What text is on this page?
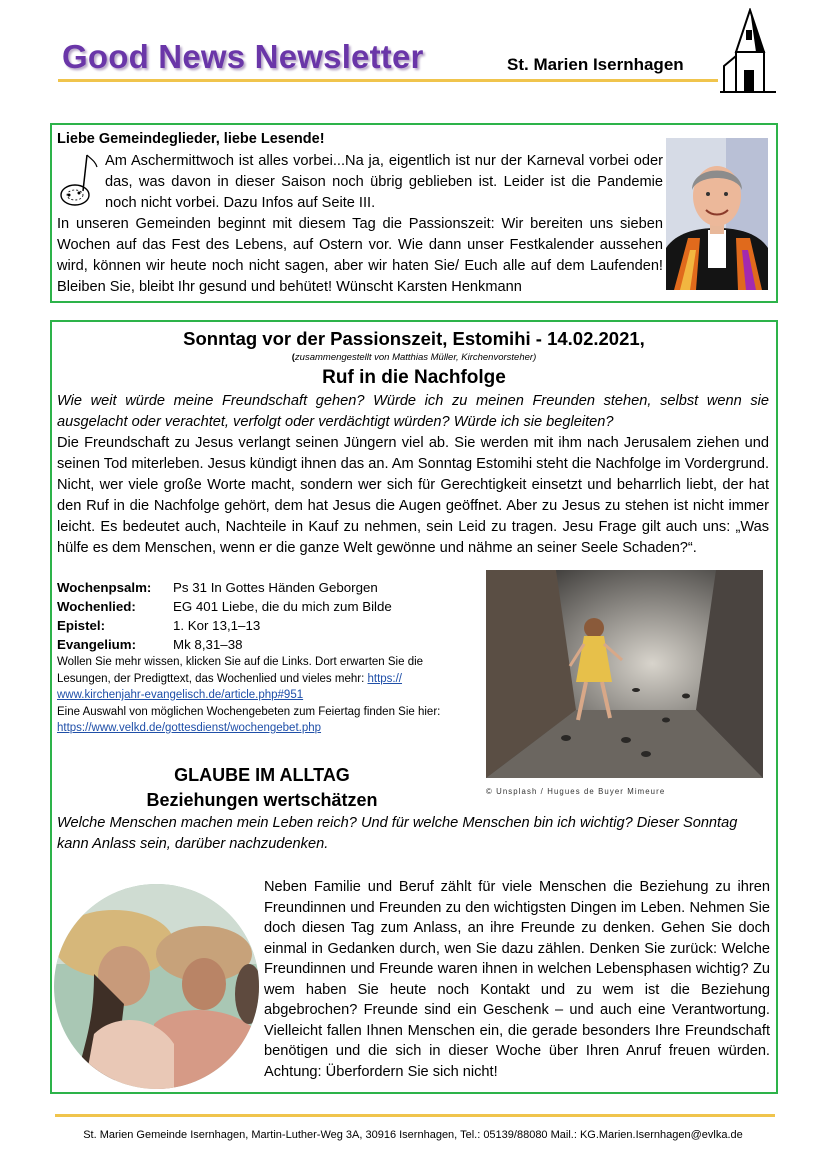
Good News Newsletter	St. Marien Isernhagen
Liebe Gemeindeglieder, liebe Lesende!

Am Aschermittwoch ist alles vorbei...Na ja, eigentlich ist nur der Karneval vorbei oder das, was davon in dieser Saison noch übrig geblieben ist. Leider ist die Pandemie noch nicht vorbei. Dazu Infos auf Seite III.

In unseren Gemeinden beginnt mit diesem Tag die Passionszeit: Wir bereiten uns sieben Wochen auf das Fest des Lebens, auf Ostern vor. Wie dann unser Festkalender aussehen wird, können wir heute noch nicht sagen, aber wir haten Sie/ Euch alle auf dem Laufenden! Bleiben Sie, bleibt Ihr gesund und behütet! Wünscht Karsten Henkmann

Sonntag vor der Passionszeit, Estomihi - 14.02.2021,
(zusammengestellt von Matthias Müller, Kirchenvorsteher)
Ruf in die Nachfolge

Wie weit würde meine Freundschaft gehen? Würde ich zu meinen Freunden stehen, selbst wenn sie ausgelacht oder verachtet, verfolgt oder verdächtigt würden? Würde ich sie begleiten?

Die Freundschaft zu Jesus verlangt seinen Jüngern viel ab. Sie werden mit ihm nach Jerusalem ziehen und seinen Tod miterleben. Jesus kündigt ihnen das an. Am Sonntag Estomihi steht die Nachfolge im Vordergrund. Nicht, wer viele große Worte macht, sondern wer sich für Gerechtigkeit einsetzt und beharrlich liebt, der hat den Ruf in die Nachfolge gehört, dem hat Jesus die Augen geöffnet. Aber zu Jesus zu stehen ist nicht immer leicht. Es bedeutet auch, Nachteile in Kauf zu nehmen, sein Leid zu tragen. Jesu Frage gilt auch uns: „Was hülfe es dem Menschen, wenn er die ganze Welt gewönne und nähme an seiner Seele Schaden?“.

Wochenpsalm:	Ps 31 In Gottes Händen Geborgen
Wochenlied:	EG 401 Liebe, die du mich zum Bilde
Epistel:	1. Kor 13,1–13
Evangelium:	Mk 8,31–38
Wollen Sie mehr wissen, klicken Sie auf die Links. Dort erwarten Sie die Lesungen, der Predigttext, das Wochenlied und vieles mehr: https://
www.kirchenjahr-evangelisch.de/article.php#951
Eine Auswahl von möglichen Wochengebeten zum Feiertag finden Sie hier:
https://www.velkd.de/gottesdienst/wochengebet.php
© Unsplash / Hugues de Buyer Mimeure
GLAUBE IM ALLTAG
Beziehungen wertschätzen
Welche Menschen machen mein Leben reich? Und für welche Menschen bin ich wichtig? Dieser Sonntag kann Anlass sein, darüber nachzudenken.
Neben Familie und Beruf zählt für viele Menschen die Beziehung zu ihren Freundinnen und Freunden zu den wichtigsten Dingen im Leben. Nehmen Sie doch diesen Tag zum Anlass, an ihre Freunde zu denken. Gehen Sie doch einmal in Gedanken durch, wen Sie dazu zählen. Denken Sie zurück: Welche Freundinnen und Freunde waren ihnen in welchen Lebensphasen wichtig? Zu wem haben Sie heute noch Kontakt und zu wem ist die Beziehung abgebrochen? Freunde sind ein Geschenk – und auch eine Verantwortung. Vielleicht fallen Ihnen Menschen ein, die gerade besonders Ihre Freundschaft benötigen und die sich in dieser Woche über Ihren Anruf freuen würden. Achtung: Überfordern Sie sich nicht!
St. Marien Gemeinde Isernhagen, Martin-Luther-Weg 3A, 30916 Isernhagen, Tel.: 05139/88080 Mail.: KG.Marien.Isernhagen@evlka.de
